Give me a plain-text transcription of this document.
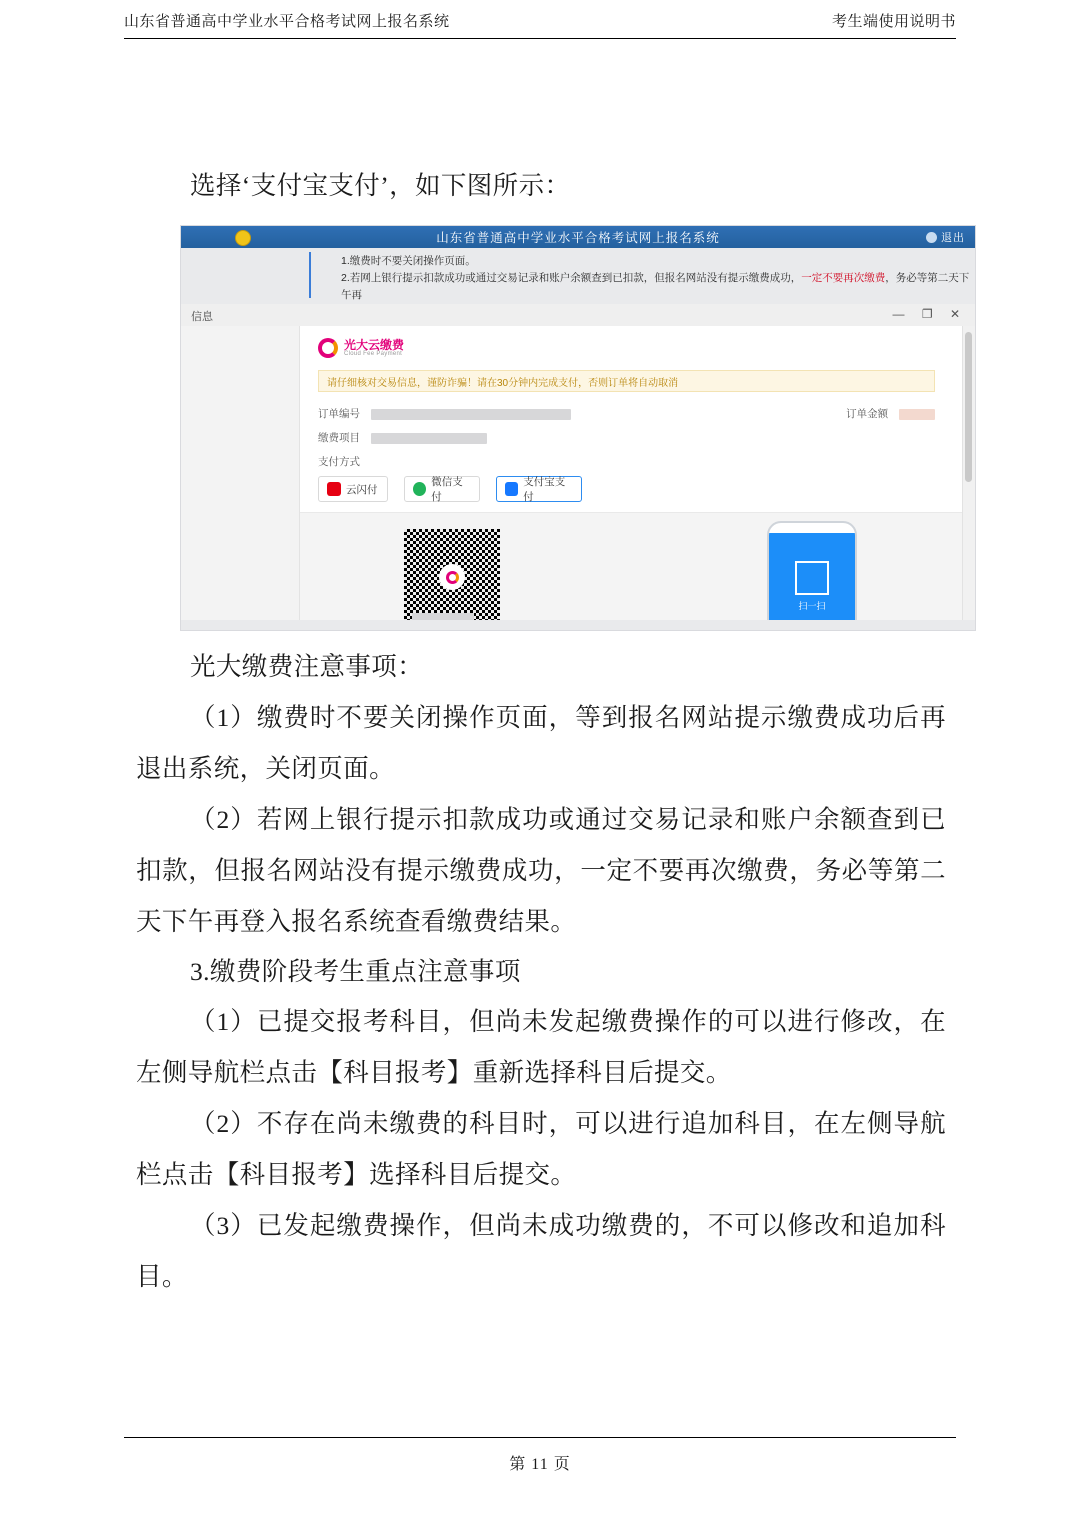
山东省普通高中学业水平合格考试网上报名系统	考生端使用说明书

选择‘支付宝支付’，如下图所示：

山东省普通高中学业水平合格考试网上报名系统	退出
1.缴费时不要关闭操作页面。
2.若网上银行提示扣款成功或通过交易记录和账户余额查到已扣款，但报名网站没有提示缴费成功，一定不要再次缴费，务必等第二天下午再
信息	— ❐ ✕
光大云缴费
Cloud Fee Payment
请仔细核对交易信息，谨防诈骗！请在30分钟内完成支付，否则订单将自动取消
订单编号	订单金额
缴费项目
支付方式
云闪付
微信支付
支付宝支付
扫一扫

光大缴费注意事项：

（1）缴费时不要关闭操作页面，等到报名网站提示缴费成功后再退出系统，关闭页面。

（2）若网上银行提示扣款成功或通过交易记录和账户余额查到已扣款，但报名网站没有提示缴费成功，一定不要再次缴费，务必等第二天下午再登入报名系统查看缴费结果。

3.缴费阶段考生重点注意事项

（1）已提交报考科目，但尚未发起缴费操作的可以进行修改，在左侧导航栏点击【科目报考】重新选择科目后提交。

（2）不存在尚未缴费的科目时，可以进行追加科目，在左侧导航栏点击【科目报考】选择科目后提交。

（3）已发起缴费操作，但尚未成功缴费的，不可以修改和追加科目。

第 11 页
